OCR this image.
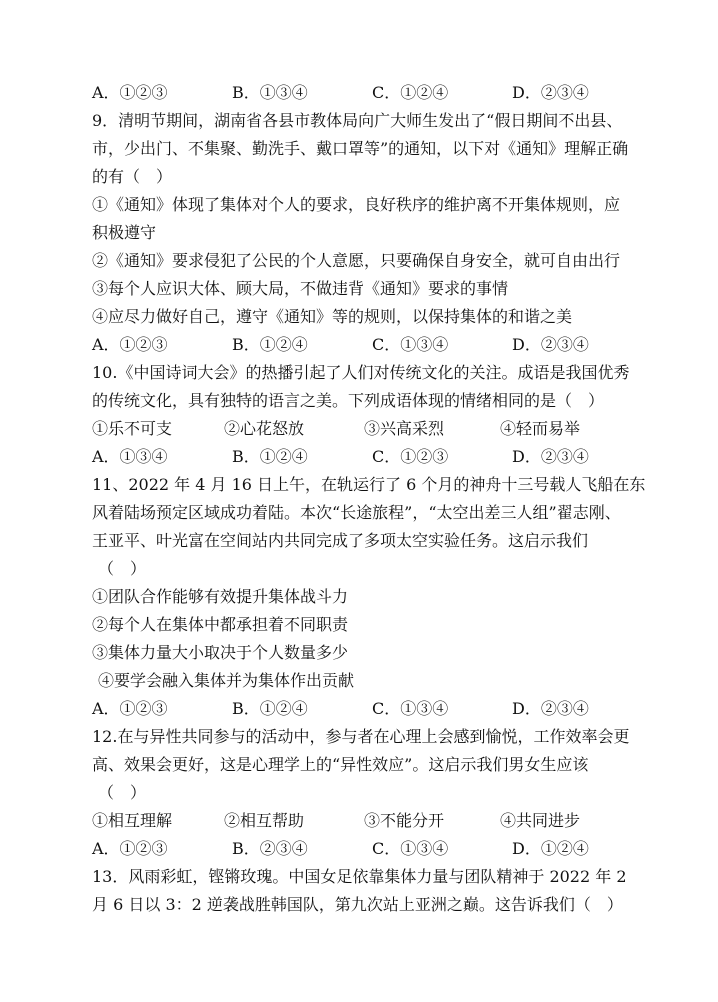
A．①②③	B．①③④	C．①②④	D．②③④
9．清明节期间，湖南省各县市教体局向广大师生发出了“假日期间不出县、
市，少出门、不集聚、勤洗手、戴口罩等”的通知，以下对《通知》理解正确
的有（　）
①《通知》体现了集体对个人的要求，良好秩序的维护离不开集体规则，应
积极遵守
②《通知》要求侵犯了公民的个人意愿，只要确保自身安全，就可自由出行
③每个人应识大体、顾大局，不做违背《通知》要求的事情
④应尽力做好自己，遵守《通知》等的规则，以保持集体的和谐之美
A．①②③	B．①②④	C．①③④	D．②③④
10.《中国诗词大会》的热播引起了人们对传统文化的关注。成语是我国优秀
的传统文化，具有独特的语言之美。下列成语体现的情绪相同的是（　）
①乐不可支	②心花怒放	③兴高采烈	④轻而易举
A．①③④	B．①②④	C．①②③	D．②③④
11、2022 年 4 月 16 日上午，在轨运行了 6 个月的神舟十三号载人飞船在东
风着陆场预定区域成功着陆。本次“长途旅程”，“太空出差三人组”翟志刚、
王亚平、叶光富在空间站内共同完成了多项太空实验任务。这启示我们
（　）
①团队合作能够有效提升集体战斗力
②每个人在集体中都承担着不同职责
③集体力量大小取决于个人数量多少
④要学会融入集体并为集体作出贡献
A．①②③	B．①②④	C．①③④	D．②③④
12.在与异性共同参与的活动中，参与者在心理上会感到愉悦，工作效率会更
高、效果会更好，这是心理学上的“异性效应”。这启示我们男女生应该
（　）
①相互理解	②相互帮助	③不能分开	④共同进步
A．①②③	B．②③④	C．①③④	D．①②④
13．风雨彩虹，铿锵玫瑰。中国女足依靠集体力量与团队精神于 2022 年 2
月 6 日以 3：2 逆袭战胜韩国队，第九次站上亚洲之巅。这告诉我们（　）
